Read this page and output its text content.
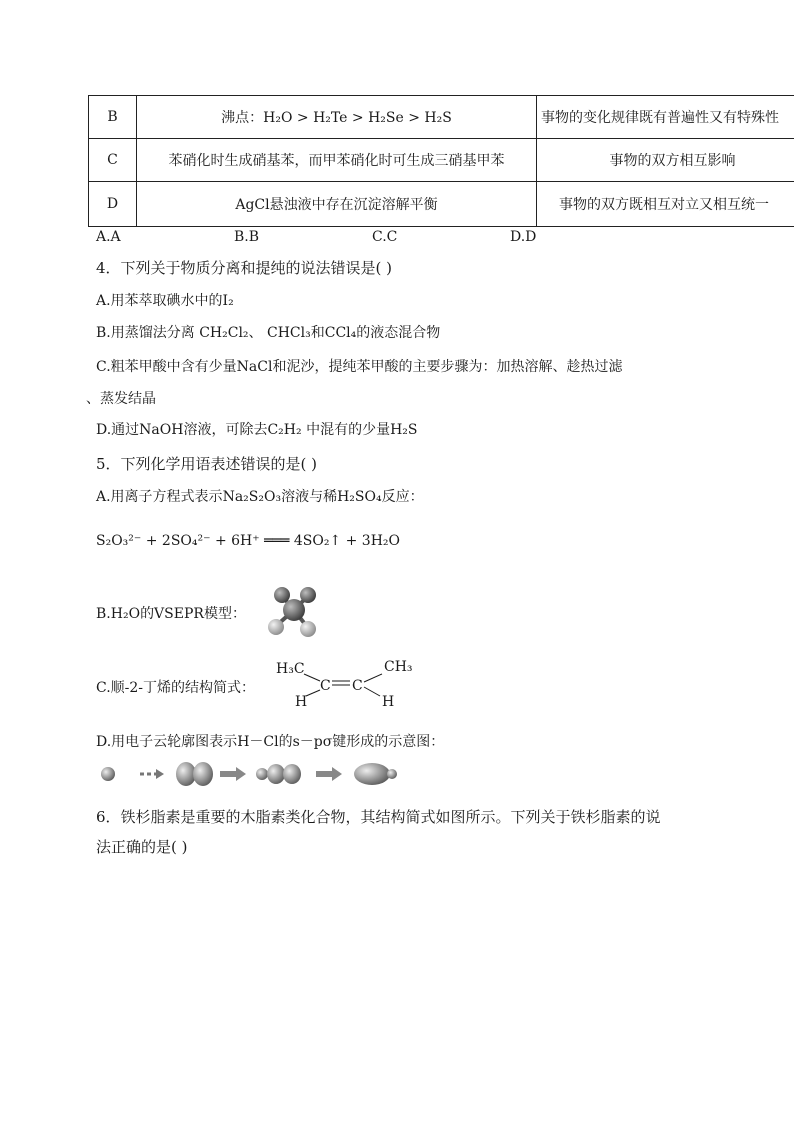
B	沸点：H₂O > H₂Te > H₂Se > H₂S	事物的变化规律既有普遍性又有特殊性
C	苯硝化时生成硝基苯，而甲苯硝化时可生成三硝基甲苯	事物的双方相互影响
D	AgCl悬浊液中存在沉淀溶解平衡	事物的双方既相互对立又相互统一
A.A	B.B	C.C	D.D
4．下列关于物质分离和提纯的说法错误是( )
A.用苯萃取碘水中的I₂
B.用蒸馏法分离 CH₂Cl₂、 CHCl₃和CCl₄的液态混合物
C.粗苯甲酸中含有少量NaCl和泥沙，提纯苯甲酸的主要步骤为：加热溶解、趁热过滤
、蒸发结晶
D.通过NaOH溶液，可除去C₂H₂ 中混有的少量H₂S
5．下列化学用语表述错误的是( )
A.用离子方程式表示Na₂S₂O₃溶液与稀H₂SO₄反应：
S₂O₃²⁻ + 2SO₄²⁻ + 6H⁺ ═══ 4SO₂↑ + 3H₂O
B.H₂O的VSEPR模型：
C.顺-2-丁烯的结构简式：
H₃C	CH₃
C C
H	H
D.用电子云轮廓图表示H－Cl的s－pσ键形成的示意图：
6．铁杉脂素是重要的木脂素类化合物，其结构简式如图所示。下列关于铁杉脂素的说
法正确的是( )
